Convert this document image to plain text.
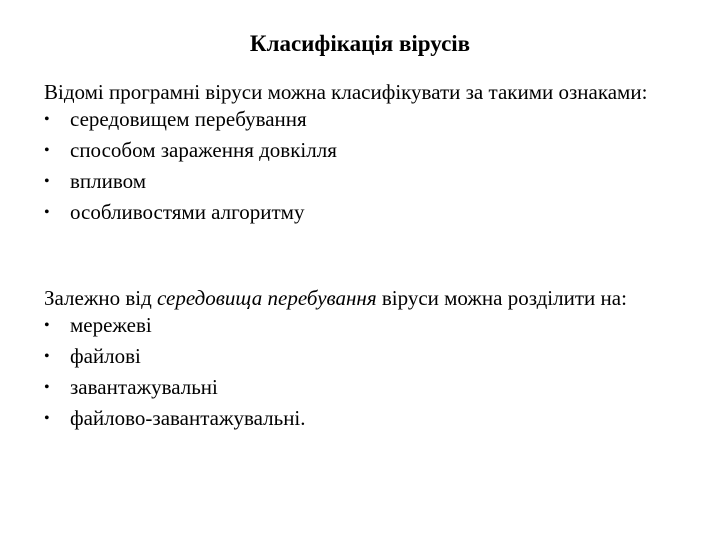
Класифікація вірусів

Відомі програмні віруси можна класифікувати за такими ознаками:

• середовищем перебування
• способом зараження довкілля
• впливом
• особливостями алгоритму

Залежно від середовища перебування віруси можна розділити на:

• мережеві
• файлові
• завантажувальні
• файлово-завантажувальні.
